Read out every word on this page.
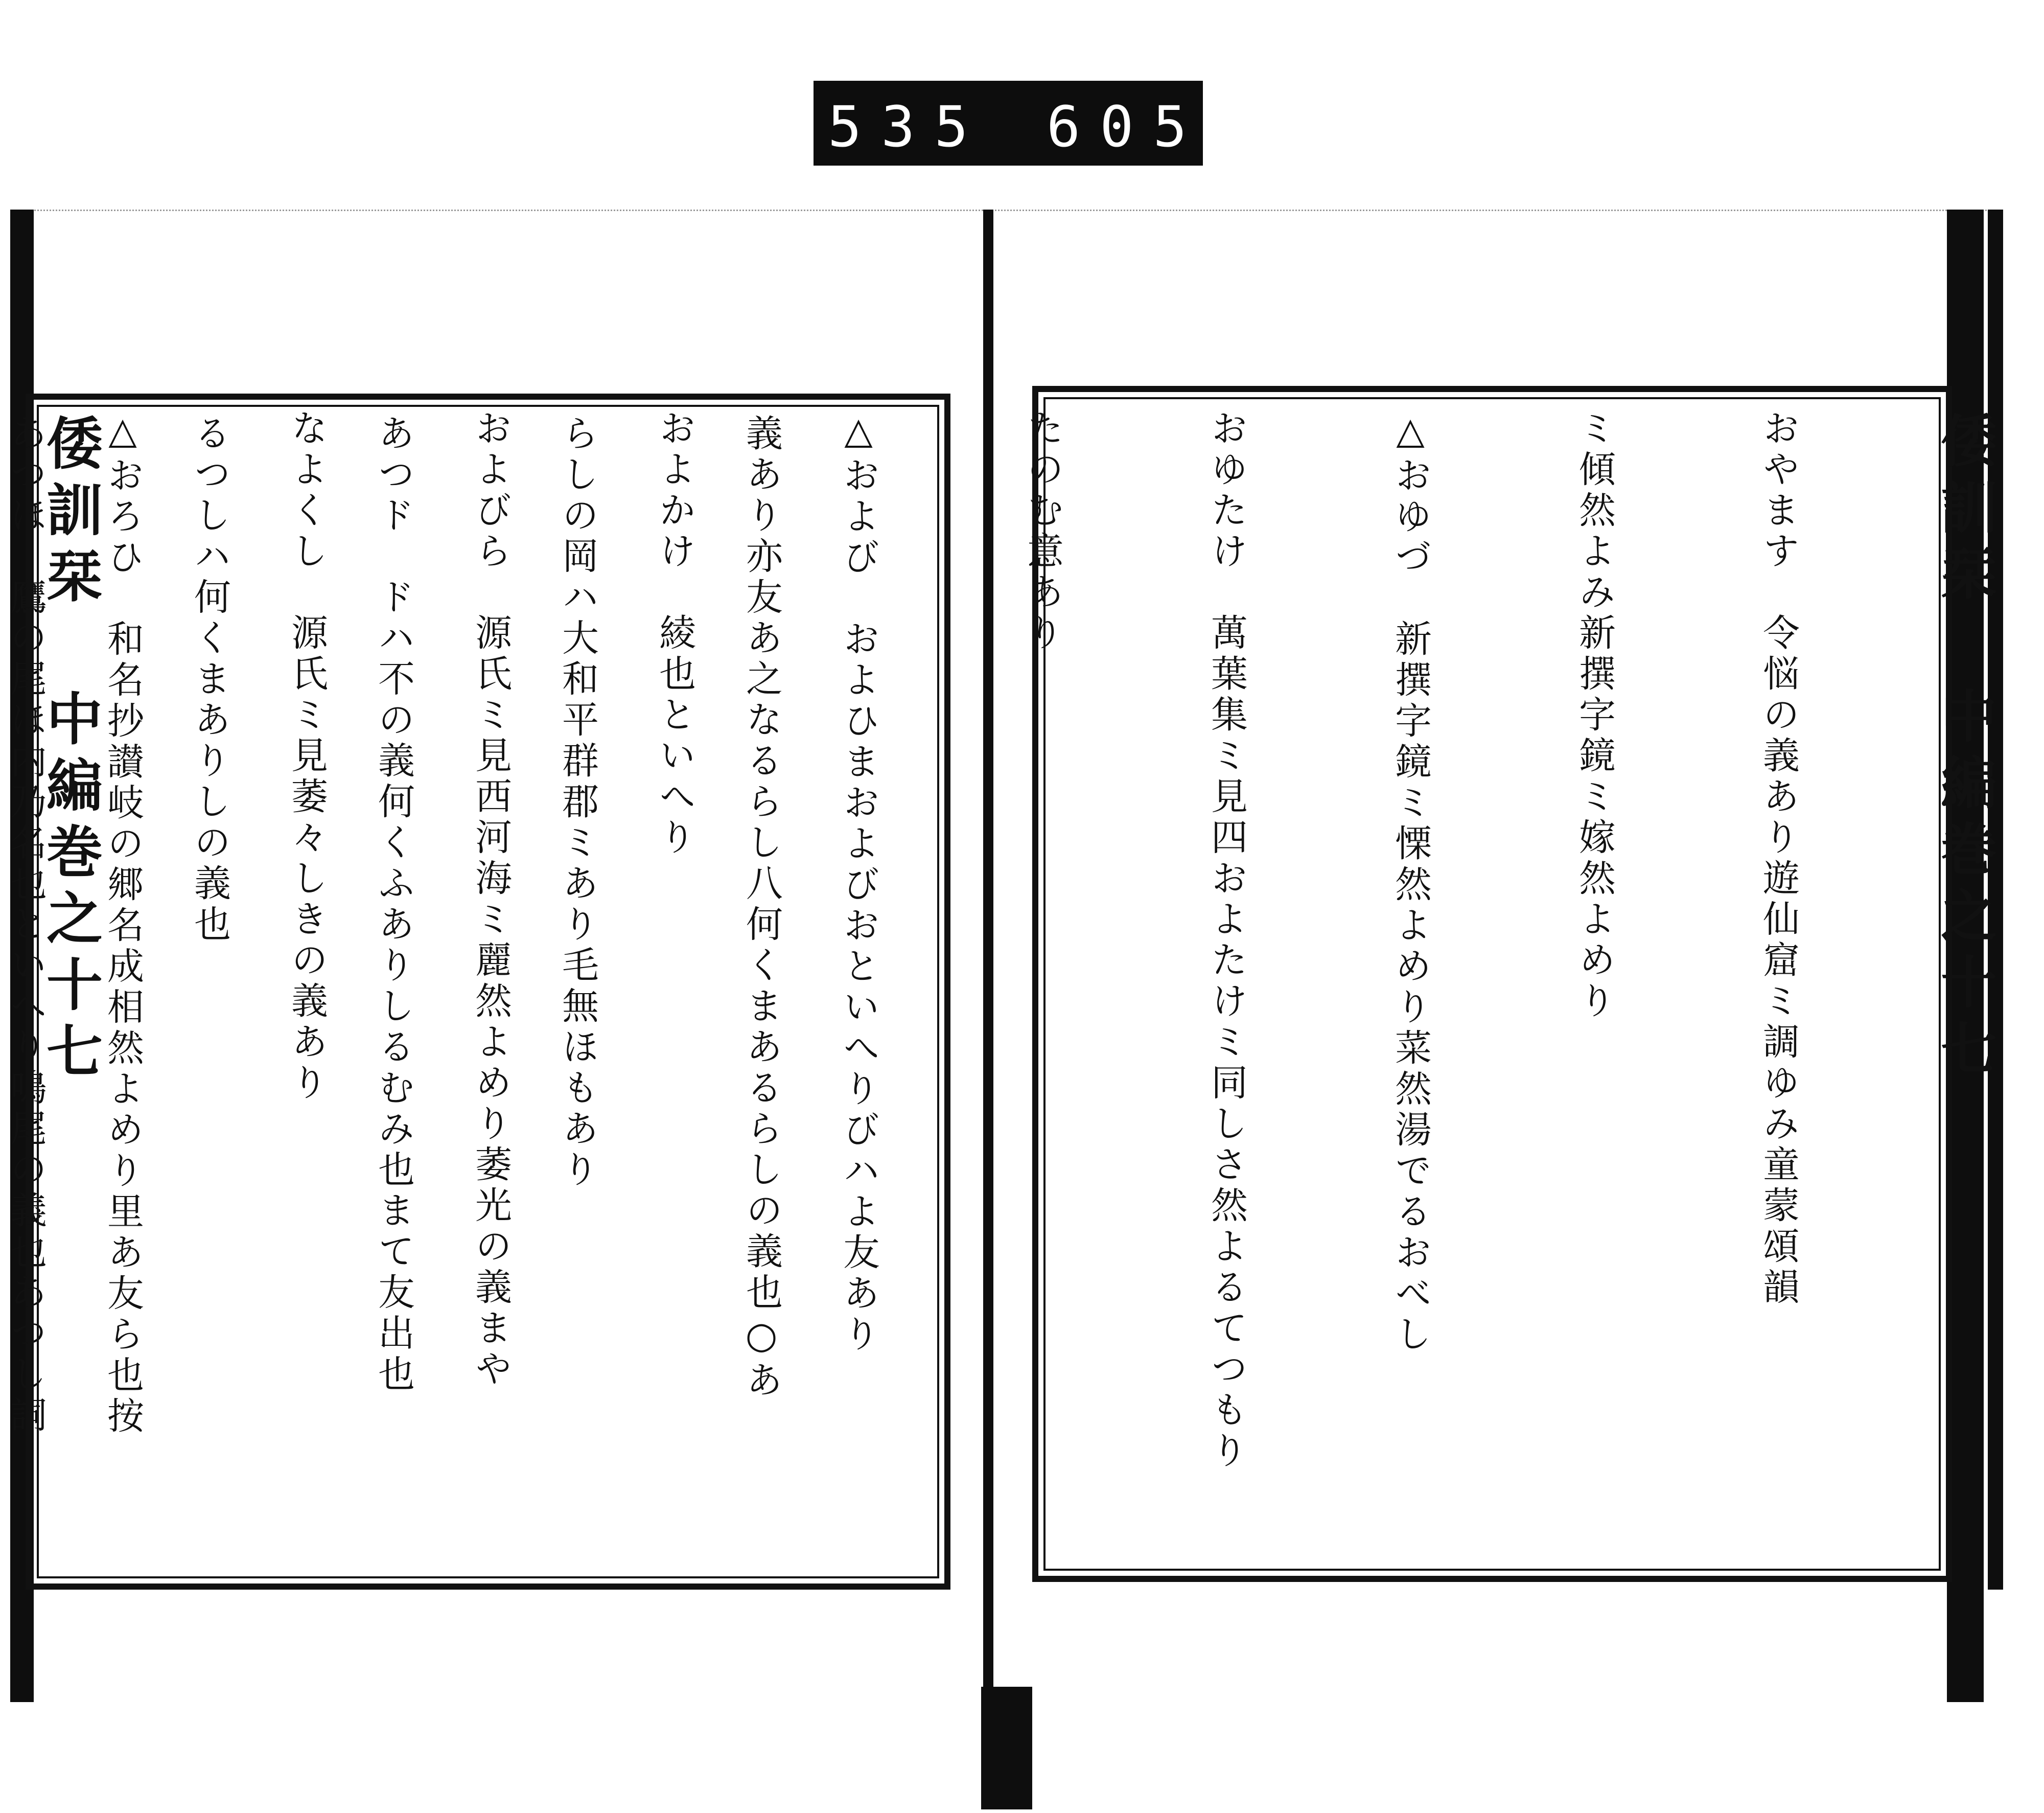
535 605.
倭訓栞 中編巻之十七	倭訓栞 中編巻之十七

おやます　令悩の義あり遊仙窟ミ調ゆみ童蒙頌韻

ミ傾然よみ新撰字鏡ミ嫁然よめり

△おゆづ　新撰字鏡ミ慄然よめり菜然湯でるおべし

おゆたけ　萬葉集ミ見四およたけミ同しさ然よるてつもり

たのむ意あり

△および　およひまおよびおといへりびハよ友あり

およかけ　綾也といへり

およびら　源氏ミ見西河海ミ麗然よめり萎光の義まや

なよくし　源氏ミ見萎々しきの義あり

△おろひ　和名抄讃岐の郷名成相然よめり里あ友ら也按

	義あり亦友あ之なるらし八何くまあるらしの義也○あ

らしの岡ハ大和平群郡ミあり毛無ほもあり

あつド　ドハ不の義何くふありしるむみ也まて友出也

るつしハ何くまありしの義也

あつほ　鷹の尾ほ内乃名也といへり鳴尾の義也あつし詞
